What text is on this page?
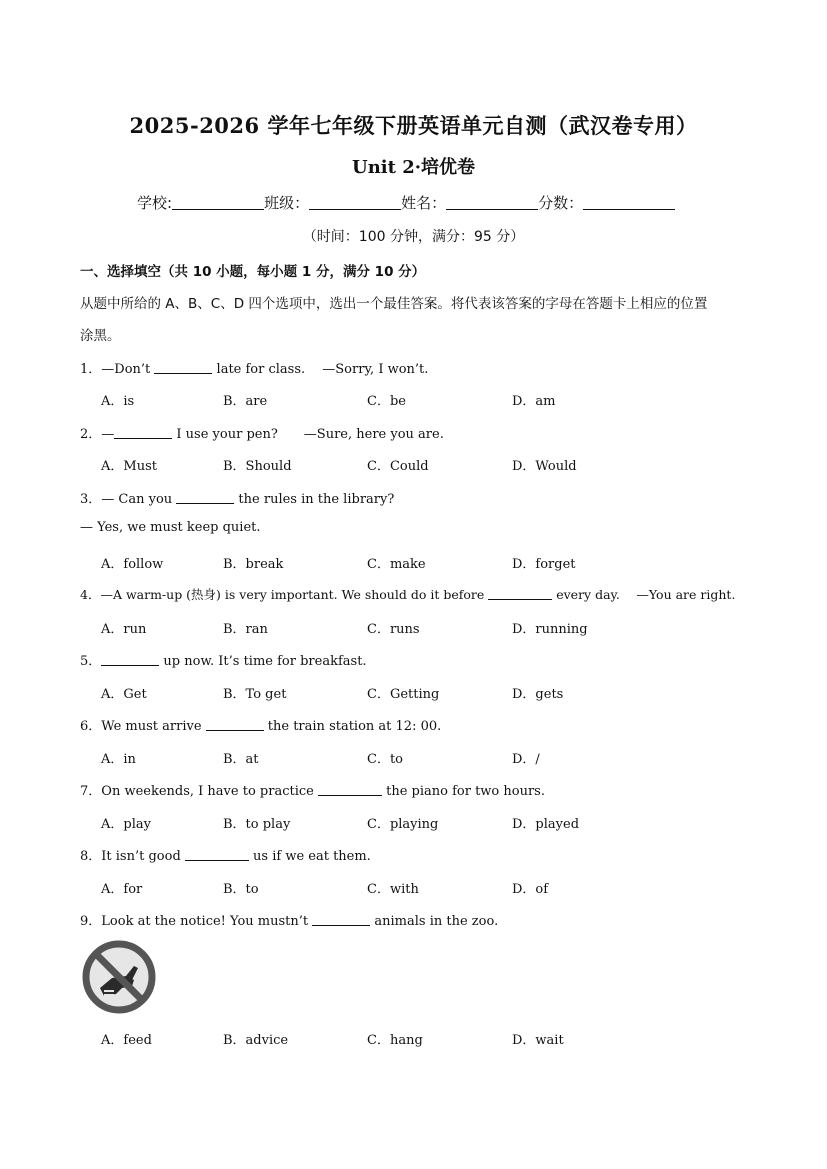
2025-2026 学年七年级下册英语单元自测（武汉卷专用）
Unit 2·培优卷
学校:	班级：	姓名：	分数：
（时间：100 分钟，满分：95 分）
一、选择填空（共 10 小题，每小题 1 分，满分 10 分）
从题中所给的 A、B、C、D 四个选项中，选出一个最佳答案。将代表该答案的字母在答题卡上相应的位置
涂黑。
1．—Don’t	late for class.　 —Sorry, I won’t.
A．is	B．are	C．be	D．am
2．—	I use your pen?　　—Sure, here you are.
A．Must	B．Should	C．Could	D．Would
3．— Can you	the rules in the library?
— Yes, we must keep quiet.
A．follow	B．break	C．make	D．forget
4．—A warm-up (热身) is very important. We should do it before	every day.　 —You are right.
A．run	B．ran	C．runs	D．running
5．	up now. It’s time for breakfast.
A．Get	B．To get	C．Getting	D．gets
6．We must arrive	the train station at 12: 00.
A．in	B．at	C．to	D．/
7．On weekends, I have to practice	the piano for two hours.
A．play	B．to play	C．playing	D．played
8．It isn’t good	us if we eat them.
A．for	B．to	C．with	D．of
9．Look at the notice! You mustn’t	animals in the zoo.
A．feed	B．advice	C．hang	D．wait
